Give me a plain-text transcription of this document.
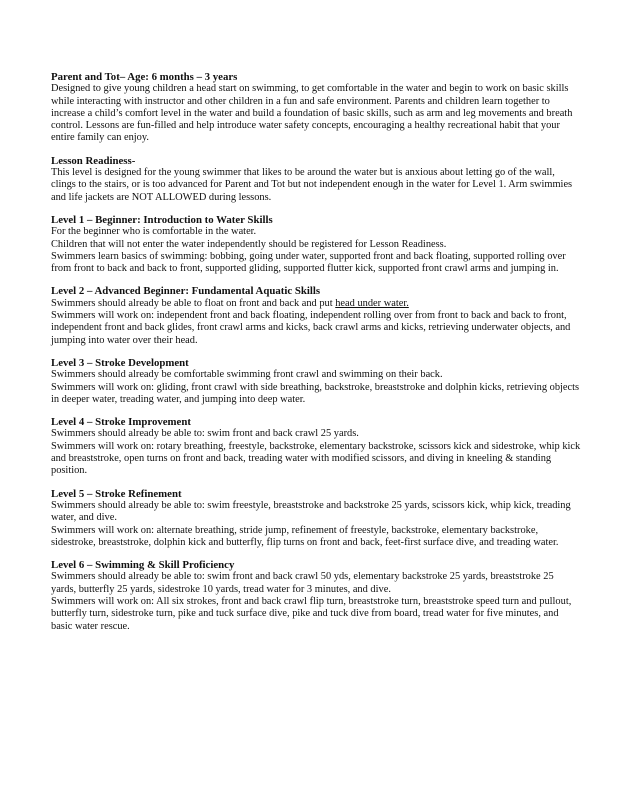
Parent and Tot– Age: 6 months – 3 years

Designed to give young children a head start on swimming, to get comfortable in the water and begin to work on basic skills while interacting with instructor and other children in a fun and safe environment. Parents and children learn together to increase a child’s comfort level in the water and build a foundation of basic skills, such as arm and leg movements and breath control. Lessons are fun-filled and help introduce water safety concepts, encouraging a healthy recreational habit that your entire family can enjoy.

Lesson Readiness-

This level is designed for the young swimmer that likes to be around the water but is anxious about letting go of the wall, clings to the stairs, or is too advanced for Parent and Tot but not independent enough in the water for Level 1. Arm swimmies and life jackets are NOT ALLOWED during lessons.

Level 1 – Beginner: Introduction to Water Skills

For the beginner who is comfortable in the water.

Children that will not enter the water independently should be registered for Lesson Readiness.

Swimmers learn basics of swimming: bobbing, going under water, supported front and back floating, supported rolling over from front to back and back to front, supported gliding, supported flutter kick, supported front crawl arms and jumping in.

Level 2 – Advanced Beginner: Fundamental Aquatic Skills

Swimmers should already be able to float on front and back and put head under water.

Swimmers will work on: independent front and back floating, independent rolling over from front to back and back to front, independent front and back glides, front crawl arms and kicks, back crawl arms and kicks, retrieving underwater objects, and jumping into water over their head.

Level 3 – Stroke Development

Swimmers should already be comfortable swimming front crawl and swimming on their back.

Swimmers will work on: gliding, front crawl with side breathing, backstroke, breaststroke and dolphin kicks, retrieving objects in deeper water, treading water, and jumping into deep water.

Level 4 – Stroke Improvement

Swimmers should already be able to: swim front and back crawl 25 yards.

Swimmers will work on: rotary breathing, freestyle, backstroke, elementary backstroke, scissors kick and sidestroke, whip kick and breaststroke, open turns on front and back, treading water with modified scissors, and diving in kneeling & standing position.

Level 5 – Stroke Refinement

Swimmers should already be able to: swim freestyle, breaststroke and backstroke 25 yards, scissors kick, whip kick, treading water, and dive.

Swimmers will work on: alternate breathing, stride jump, refinement of freestyle, backstroke, elementary backstroke, sidestroke, breaststroke, dolphin kick and butterfly, flip turns on front and back, feet-first surface dive, and treading water.

Level 6 – Swimming & Skill Proficiency

Swimmers should already be able to: swim front and back crawl 50 yds, elementary backstroke 25 yards, breaststroke 25 yards, butterfly 25 yards, sidestroke 10 yards, tread water for 3 minutes, and dive.

Swimmers will work on: All six strokes, front and back crawl flip turn, breaststroke turn, breaststroke speed turn and pullout, butterfly turn, sidestroke turn, pike and tuck surface dive, pike and tuck dive from board, tread water for five minutes, and basic water rescue.
